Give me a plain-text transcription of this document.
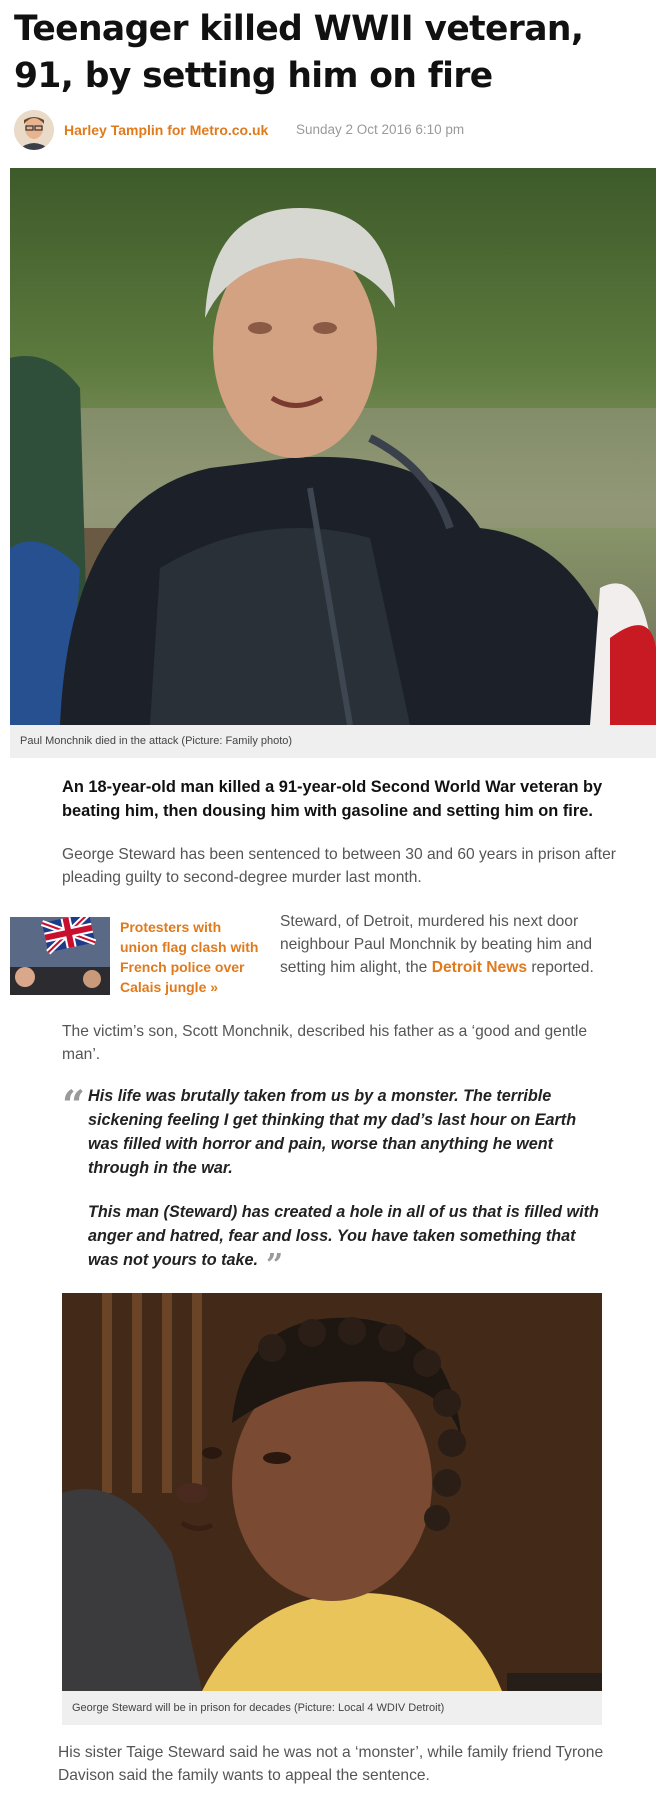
Teenager killed WWII veteran, 91, by setting him on fire
Harley Tamplin for Metro.co.uk Sunday 2 Oct 2016 6:10 pm
Paul Monchnik died in the attack (Picture: Family photo)

An 18-year-old man killed a 91-year-old Second World War veteran by beating him, then dousing him with gasoline and setting him on fire.

George Steward has been sentenced to between 30 and 60 years in prison after pleading guilty to second-degree murder last month.

Protesters with union flag clash with French police over Calais jungle »

Steward, of Detroit, murdered his next door neighbour Paul Monchnik by beating him and setting him alight, the Detroit News reported.

The victim’s son, Scott Monchnik, described his father as a ‘good and gentle man’.

“ His life was brutally taken from us by a monster. The terrible sickening feeling I get thinking that my dad’s last hour on Earth was filled with horror and pain, worse than anything he went through in the war.

This man (Steward) has created a hole in all of us that is filled with anger and hatred, fear and loss. You have taken something that was not yours to take. ”

George Steward will be in prison for decades (Picture: Local 4 WDIV Detroit)

His sister Taige Steward said he was not a ‘monster’, while family friend Tyrone Davison said the family wants to appeal the sentence.
